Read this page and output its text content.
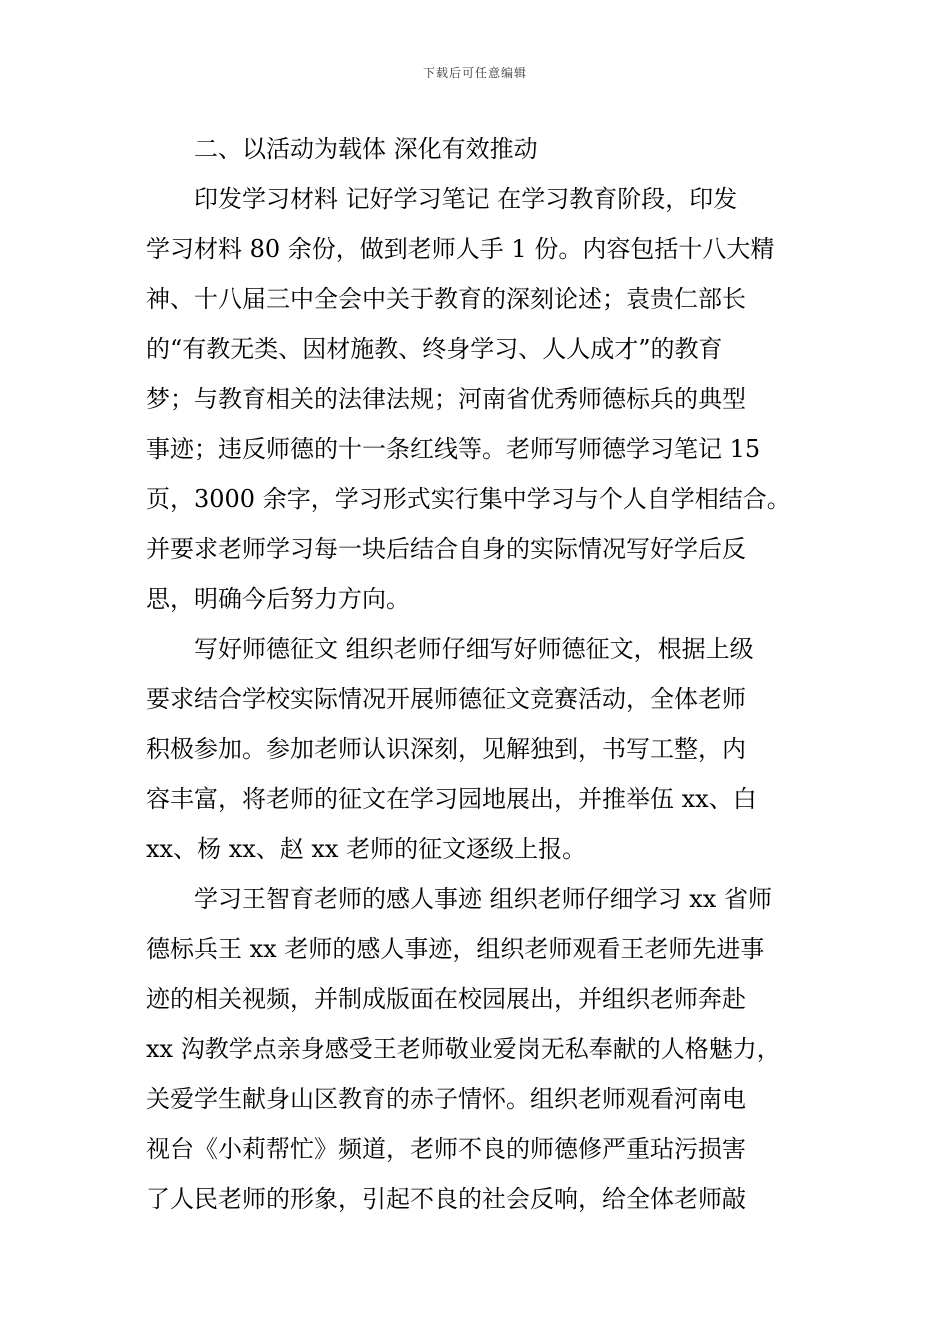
下载后可任意编辑
　　二、以活动为载体 深化有效推动
　　印发学习材料 记好学习笔记 在学习教育阶段，印发
学习材料 80 余份，做到老师人手 1 份。内容包括十八大精
神、十八届三中全会中关于教育的深刻论述；袁贵仁部长
的“有教无类、因材施教、终身学习、人人成才”的教育
梦；与教育相关的法律法规；河南省优秀师德标兵的典型
事迹；违反师德的十一条红线等。老师写师德学习笔记 15
页，3000 余字，学习形式实行集中学习与个人自学相结合。
并要求老师学习每一块后结合自身的实际情况写好学后反
思，明确今后努力方向。
　　写好师德征文 组织老师仔细写好师德征文，根据上级
要求结合学校实际情况开展师德征文竞赛活动，全体老师
积极参加。参加老师认识深刻，见解独到，书写工整，内
容丰富，将老师的征文在学习园地展出，并推举伍 xx、白
xx、杨 xx、赵 xx 老师的征文逐级上报。
　　学习王智育老师的感人事迹 组织老师仔细学习 xx 省师
德标兵王 xx 老师的感人事迹，组织老师观看王老师先进事
迹的相关视频，并制成版面在校园展出，并组织老师奔赴
xx 沟教学点亲身感受王老师敬业爱岗无私奉献的人格魅力，
关爱学生献身山区教育的赤子情怀。组织老师观看河南电
视台《小莉帮忙》频道，老师不良的师德修严重玷污损害
了人民老师的形象，引起不良的社会反响，给全体老师敲
